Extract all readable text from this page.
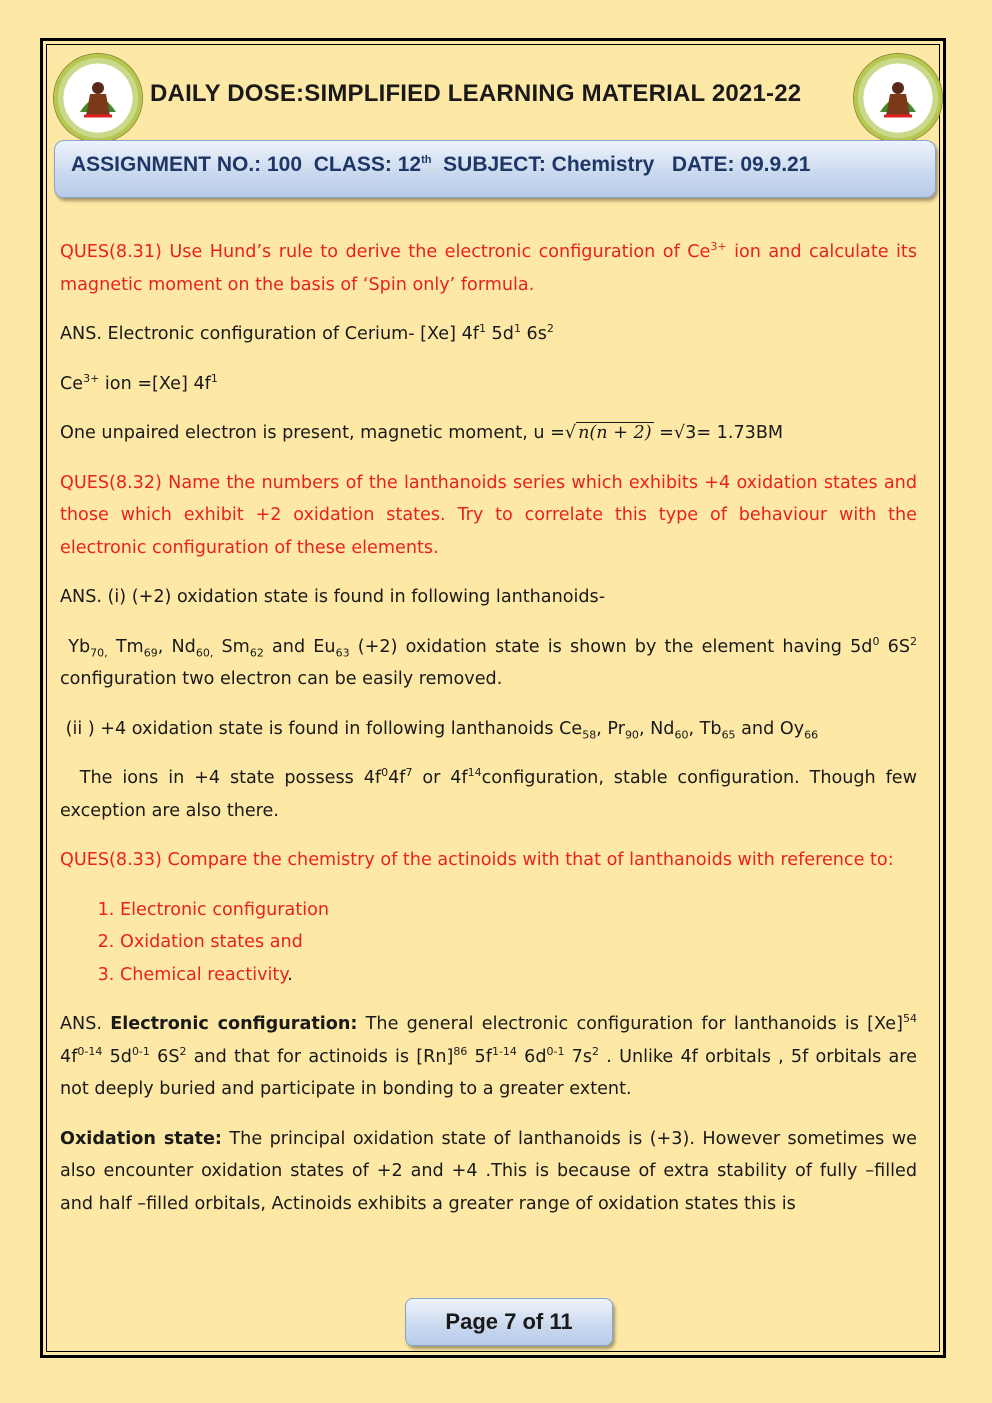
DAILY DOSE:SIMPLIFIED LEARNING MATERIAL 2021-22
ASSIGNMENT NO.: 100 CLASS: 12th SUBJECT: Chemistry DATE: 09.9.21

QUES(8.31) Use Hund’s rule to derive the electronic configuration of $Ce^{3+}$ ion and calculate its magnetic moment on the basis of ‘Spin only’ formula.

ANS. Electronic configuration of Cerium- [Xe] $4f^1$ $5d^1$ $6s^2$

$Ce^{3+}$ ion =[Xe] $4f^1$

One unpaired electron is present, magnetic moment, u =√ n(n + 2) =√3= 1.73BM

QUES(8.32) Name the numbers of the lanthanoids series which exhibits +4 oxidation states and those which exhibit +2 oxidation states. Try to correlate this type of behaviour with the electronic configuration of these elements.

ANS. (i) (+2) oxidation state is found in following lanthanoids-

$Yb_{70,}$ $Tm_{69}$, $Nd_{60,}$ $Sm_{62}$ and $Eu_{63}$ (+2) oxidation state is shown by the element having $5d^0$ $6S^2$ configuration two electron can be easily removed.

(ii ) +4 oxidation state is found in following lanthanoids $Ce_{58}$, $Pr_{90}$, $Nd_{60}$, $Tb_{65}$ and $Oy_{66}$

The ions in +4 state possess $4f^04f^7$ or $4f^{14}configuration$, stable configuration. Though few exception are also there.

QUES(8.33) Compare the chemistry of the actinoids with that of lanthanoids with reference to:

1. Electronic configuration
2. Oxidation states and
3. Chemical reactivity.

ANS. Electronic configuration: The general electronic configuration for lanthanoids is $[Xe]^{54}$ $4f^{0-14}$ $5d^{0-1}$ $6S^2$ and that for actinoids is $[Rn]^{86}$ $5f^{1-14}$ $6d^{0-1}$ $7s^2$ . Unlike 4f orbitals , 5f orbitals are not deeply buried and participate in bonding to a greater extent.

Oxidation state: The principal oxidation state of lanthanoids is (+3). However sometimes we also encounter oxidation states of +2 and +4 .This is because of extra stability of fully –filled and half –filled orbitals, Actinoids exhibits a greater range of oxidation states this is

Page 7 of 11
